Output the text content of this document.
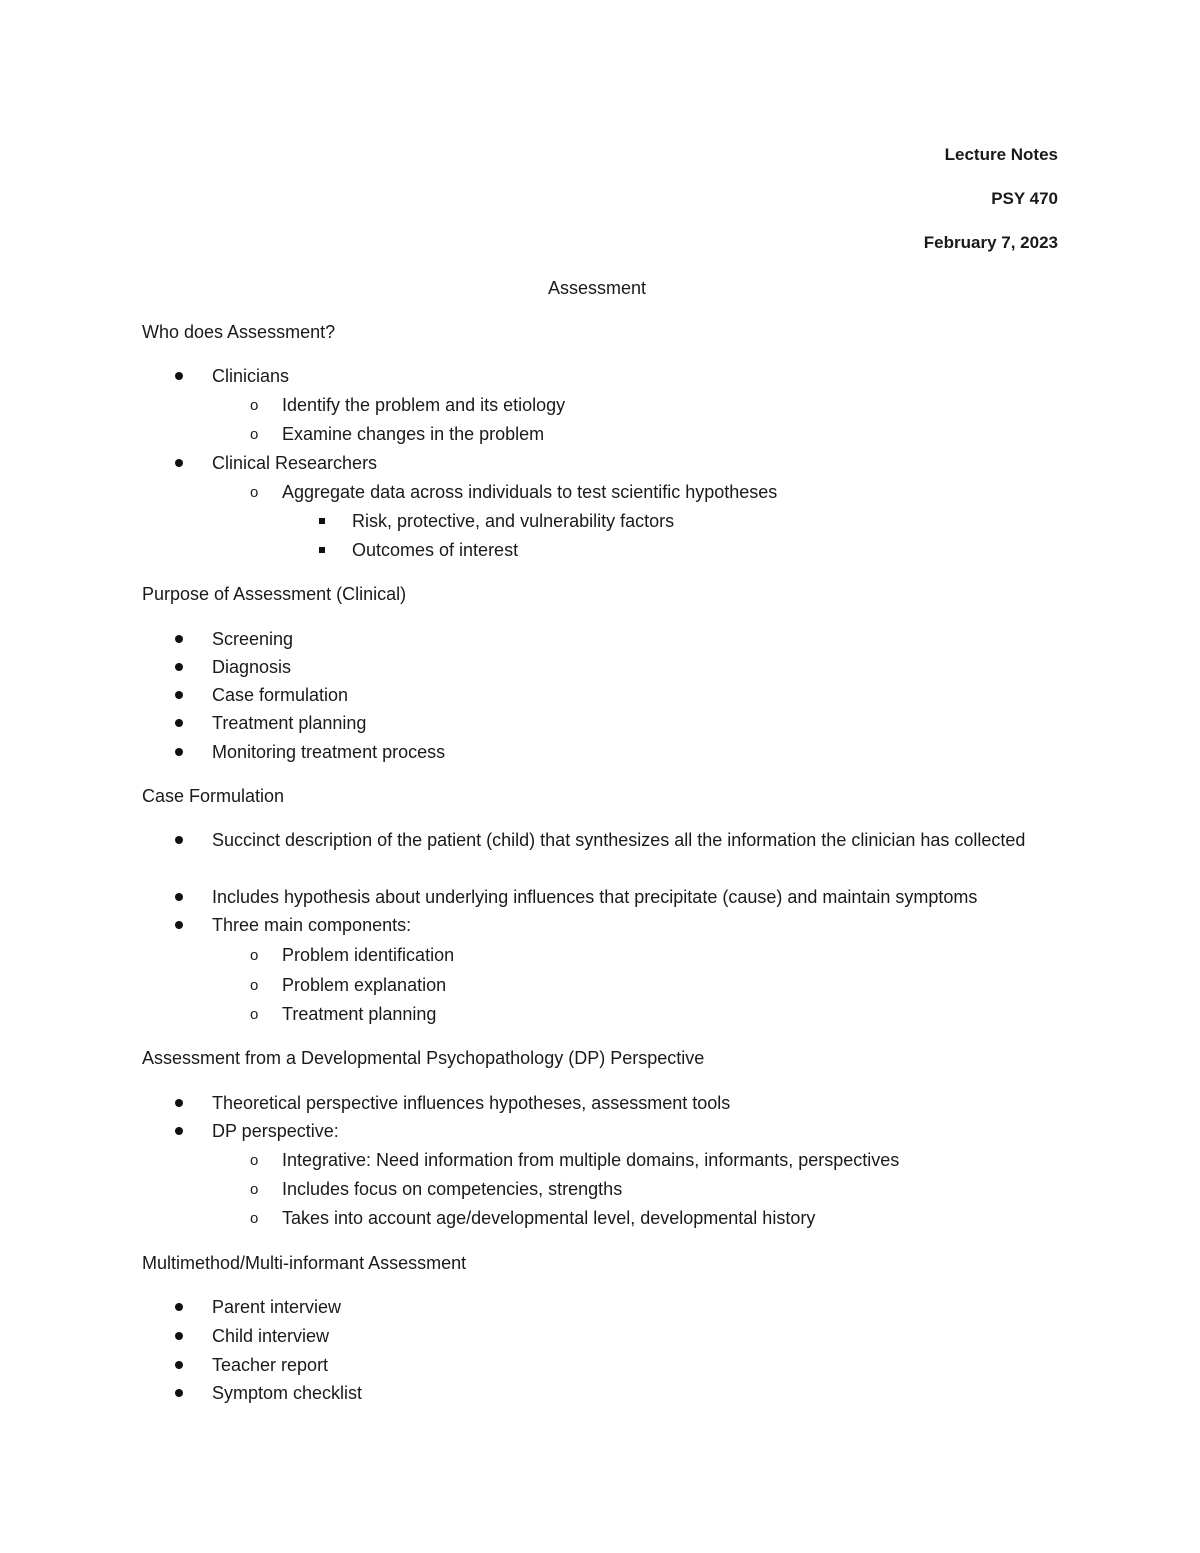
Lecture Notes
PSY 470
February 7, 2023
Assessment
Who does Assessment?
Clinicians
o Identify the problem and its etiology
o Examine changes in the problem
Clinical Researchers
o Aggregate data across individuals to test scientific hypotheses
Risk, protective, and vulnerability factors
Outcomes of interest
Purpose of Assessment (Clinical)
Screening
Diagnosis
Case formulation
Treatment planning
Monitoring treatment process
Case Formulation
Succinct description of the patient (child) that synthesizes all the information the clinician has collected
Includes hypothesis about underlying influences that precipitate (cause) and maintain symptoms
Three main components:
o Problem identification
o Problem explanation
o Treatment planning
Assessment from a Developmental Psychopathology (DP) Perspective
Theoretical perspective influences hypotheses, assessment tools
DP perspective:
o Integrative: Need information from multiple domains, informants, perspectives
o Includes focus on competencies, strengths
o Takes into account age/developmental level, developmental history
Multimethod/Multi-informant Assessment
Parent interview
Child interview
Teacher report
Symptom checklist
